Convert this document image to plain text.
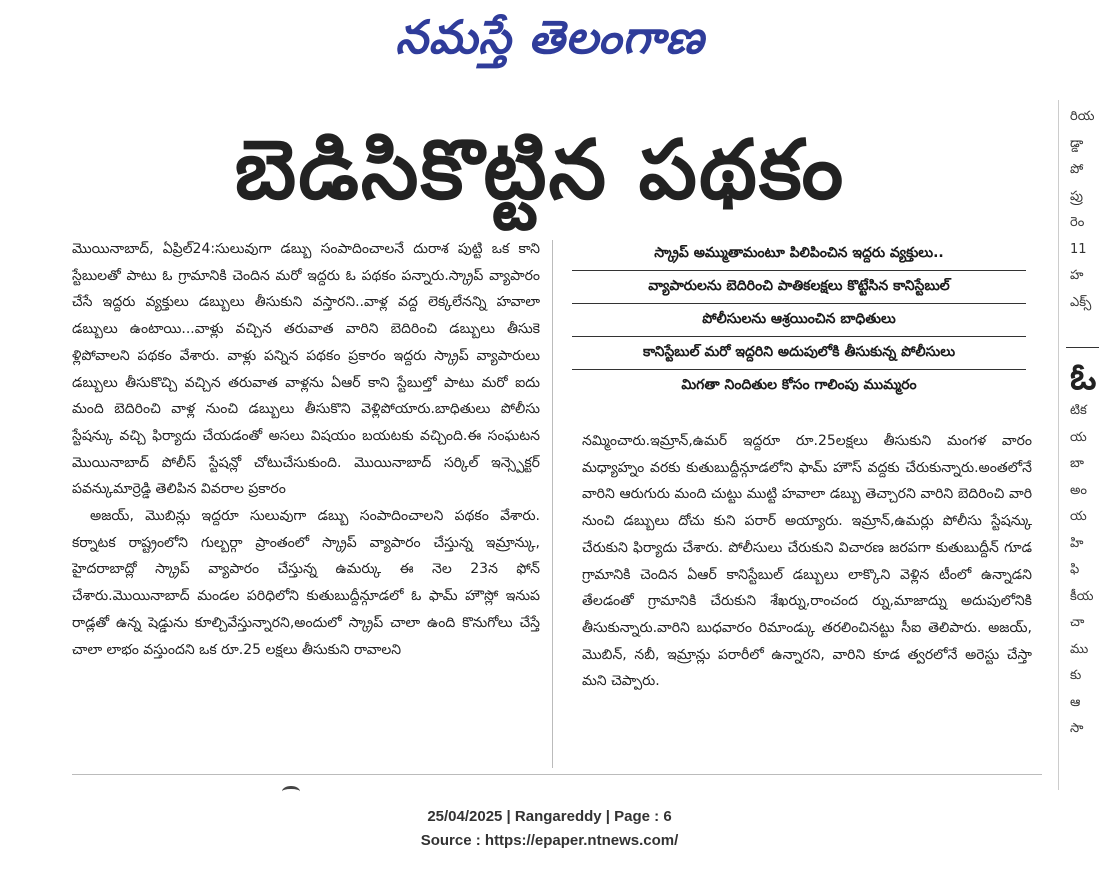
నమస్తే తెలంగాణ
బెడిసికొట్టిన పథకం

మొయినాబాద్, ఏప్రిల్24:సులువుగా డబ్బు సంపాదించాలనే దురాశ పుట్టి ఒక కాని స్టేబులతో పాటు ఓ గ్రామానికి చెందిన మరో ఇద్దరు ఓ పథకం పన్నారు.స్క్రాప్ వ్యాపారం చేసే ఇద్దరు వ్యక్తులు డబ్బులు తీసుకుని వస్తారని..వాళ్ల వద్ద లెక్కలేనన్ని హవాలా డబ్బులు ఉంటాయి...వాళ్లు వచ్చిన తరువాత వారిని బెదిరించి డబ్బులు తీసుకె ళ్లిపోవాలని పథకం వేశారు. వాళ్లు పన్నిన పథకం ప్రకారం ఇద్దరు స్క్రాప్ వ్యాపారులు డబ్బులు తీసుకొచ్చి వచ్చిన తరువాత వాళ్లను ఏఆర్ కాని స్టేబుల్తో పాటు మరో ఐదు మంది బెదిరించి వాళ్ల నుంచి డబ్బులు తీసుకొని వెళ్లిపోయారు.బాధితులు పోలీసు స్టేషన్కు వచ్చి ఫిర్యాదు చేయడంతో అసలు విషయం బయటకు వచ్చింది.ఈ సంఘటన మొయినాబాద్ పోలీస్ స్టేషన్లో చోటుచేసుకుంది. మొయినాబాద్ సర్కిల్ ఇన్స్పెక్టర్ పవన్కుమార్రెడ్డి తెలిపిన వివరాల ప్రకారం

అజయ్, మొబిన్లు ఇద్దరూ సులువుగా డబ్బు సంపాదించాలని పథకం వేశారు. కర్నాటక రాష్ట్రంలోని గుల్బర్గా ప్రాంతంలో స్క్రాప్ వ్యాపారం చేస్తున్న ఇమ్రాన్కు, హైదరాబాద్లో స్క్రాప్ వ్యాపారం చేస్తున్న ఉమర్కు ఈ నెల 23న ఫోన్ చేశారు.మొయినాబాద్ మండల పరిధిలోని కుతుబుద్దీన్గూడలో ఓ ఫామ్ హౌస్లో ఇనుప రాడ్లతో ఉన్న షెడ్డును కూల్చివేస్తున్నారని,అందులో స్క్రాప్ చాలా ఉంది కొనుగోలు చేస్తే చాలా లాభం వస్తుందని ఒక రూ.25 లక్షలు తీసుకుని రావాలని

స్క్రాప్ అమ్ముతామంటూ పిలిపించిన ఇద్దరు వ్యక్తులు..
వ్యాపారులను బెదిరించి పాతికలక్షలు కొట్టేసిన కానిస్టేబుల్
పోలీసులను ఆశ్రయించిన బాధితులు
కానిస్టేబుల్ మరో ఇద్దరిని అదుపులోకి తీసుకున్న పోలీసులు
మిగతా నిందితుల కోసం గాలింపు ముమ్మరం

నమ్మించారు.ఇమ్రాన్,ఉమర్ ఇద్దరూ రూ.25లక్షలు తీసుకుని మంగళ వారం మధ్యాహ్నం వరకు కుతుబుద్దీన్గూడలోని ఫామ్ హౌస్ వద్దకు చేరుకున్నారు.అంతలోనే వారిని ఆరుగురు మంది చుట్టు ముట్టి హవాలా డబ్బు తెచ్చారని వారిని బెదిరించి వారి నుంచి డబ్బులు దోచు కుని పరార్ అయ్యారు. ఇమ్రాన్,ఉమర్లు పోలీసు స్టేషన్కు చేరుకుని ఫిర్యాదు చేశారు. పోలీసులు చేరుకుని విచారణ జరపగా కుతుబుద్దీన్ గూడ గ్రామానికి చెందిన ఏఆర్ కానిస్టేబుల్ డబ్బులు లాక్కొని వెళ్లిన టీంలో ఉన్నాడని తేలడంతో గ్రామానికి చేరుకుని శేఖర్ను,రాంచంద ర్ను,మాజాద్ను అదుపులోనికి తీసుకున్నారు.వారిని బుధవారం రిమాండ్కు తరలించినట్టు సీఐ తెలిపారు. అజయ్, మొబిన్, నబీ, ఇమ్రాన్లు పరారీలో ఉన్నారని, వారిని కూడ త్వరలోనే అరెస్టు చేస్తా మని చెప్పారు.

రియ
డ్డా
పో
ప్రు
రెం
11
హ
ఎక్స్
ఓ
టిక
య
బా
అం
య
హి
ఫి
కీయ
చా
ము
కు
ఆ
సా
25/04/2025 | Rangareddy | Page : 6
Source : https://epaper.ntnews.com/
